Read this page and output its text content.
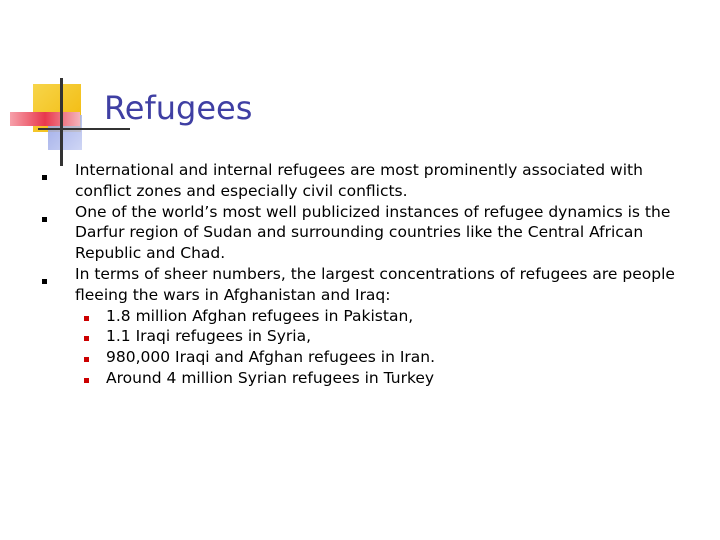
Refugees
International and internal refugees are most prominently associated with conflict zones and especially civil conflicts.
One of the world’s most well publicized instances of refugee dynamics is the Darfur region of Sudan and surrounding countries like the Central African Republic and Chad.
In terms of sheer numbers, the largest concentrations of refugees are people fleeing the wars in Afghanistan and Iraq:
1.8 million Afghan refugees in Pakistan,
1.1 Iraqi refugees in Syria,
980,000 Iraqi and Afghan refugees in Iran.
Around 4 million Syrian refugees in Turkey
